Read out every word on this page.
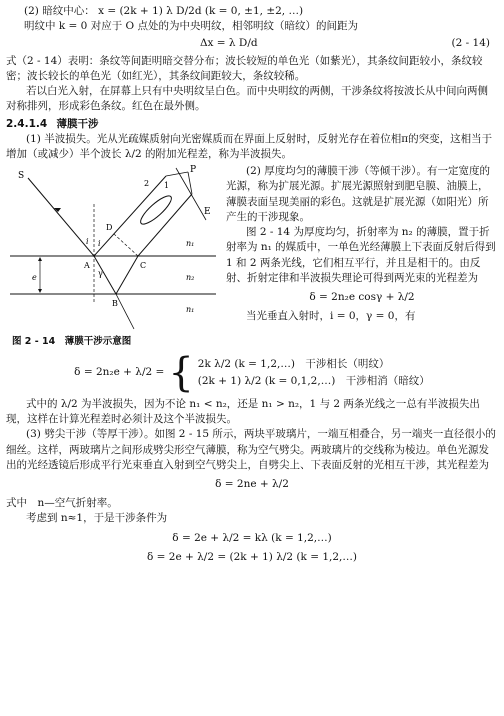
(2) 暗纹中心： x = (2k + 1) λ D/2d (k = 0, ±1, ±2, …)

明纹中 k = 0 对应于 O 点处的为中央明纹，相邻明纹（暗纹）的间距为

Δx = λ D/d	(2 - 14)

式（2 - 14）表明：条纹等间距明暗交替分布；波长较短的单色光（如紫光），其条纹间距较小，条纹较密；波长较长的单色光（如红光），其条纹间距较大，条纹较稀。

若以白光入射，在屏幕上只有中央明纹呈白色。而中央明纹的两侧，干涉条纹将按波长从中间向两侧对称排列，形成彩色条纹。红色在最外侧。

2.4.1.4 薄膜干涉

(1) 半波损失。光从光疏媒质射向光密媒质而在界面上反射时，反射光存在着位相π的突变，这相当于增加（或减少）半个波长 λ/2 的附加光程差，称为半波损失。

S
P
E
1
2
D
A	C
B
i i
γ
e
n₁
n₂
n₁
图 2 - 14　薄膜干涉示意图

(2) 厚度均匀的薄膜干涉（等倾干涉）。有一定宽度的光源，称为扩展光源。扩展光源照射到肥皂膜、油膜上，薄膜表面呈现美丽的彩色。这就是扩展光源（如阳光）所产生的干涉现象。

图 2 - 14 为厚度均匀，折射率为 n₂ 的薄膜，置于折射率为 n₁ 的媒质中，一单色光经薄膜上下表面反射后得到 1 和 2 两条光线，它们相互平行，并且是相干的。由反射、折射定律和半波损失理论可得到两光束的光程差为

δ = 2n₂e cosγ + λ/2

当光垂直入射时，i = 0，γ = 0，有

δ = 2n₂e + λ/2 = { 2k λ/2 (k = 1,2,…)　干涉相长（明纹）
(2k + 1) λ/2 (k = 0,1,2,…)　干涉相消（暗纹）

式中的 λ/2 为半波损失，因为不论 n₁ < n₂，还是 n₁ > n₂，1 与 2 两条光线之一总有半波损失出现，这样在计算光程差时必须计及这个半波损失。

(3) 劈尖干涉（等厚干涉）。如图 2 - 15 所示，两块平玻璃片，一端互相叠合，另一端夹一直径很小的细丝。这样，两玻璃片之间形成劈尖形空气薄膜，称为空气劈尖。两玻璃片的交线称为棱边。单色光源发出的光经透镜后形成平行光束垂直入射到空气劈尖上，自劈尖上、下表面反射的光相互干涉，其光程差为

δ = 2ne + λ/2

式中　n—空气折射率。

考虑到 n≈1，于是干涉条件为

δ = 2e + λ/2 = kλ (k = 1,2,…)

δ = 2e + λ/2 = (2k + 1) λ/2 (k = 1,2,…)
